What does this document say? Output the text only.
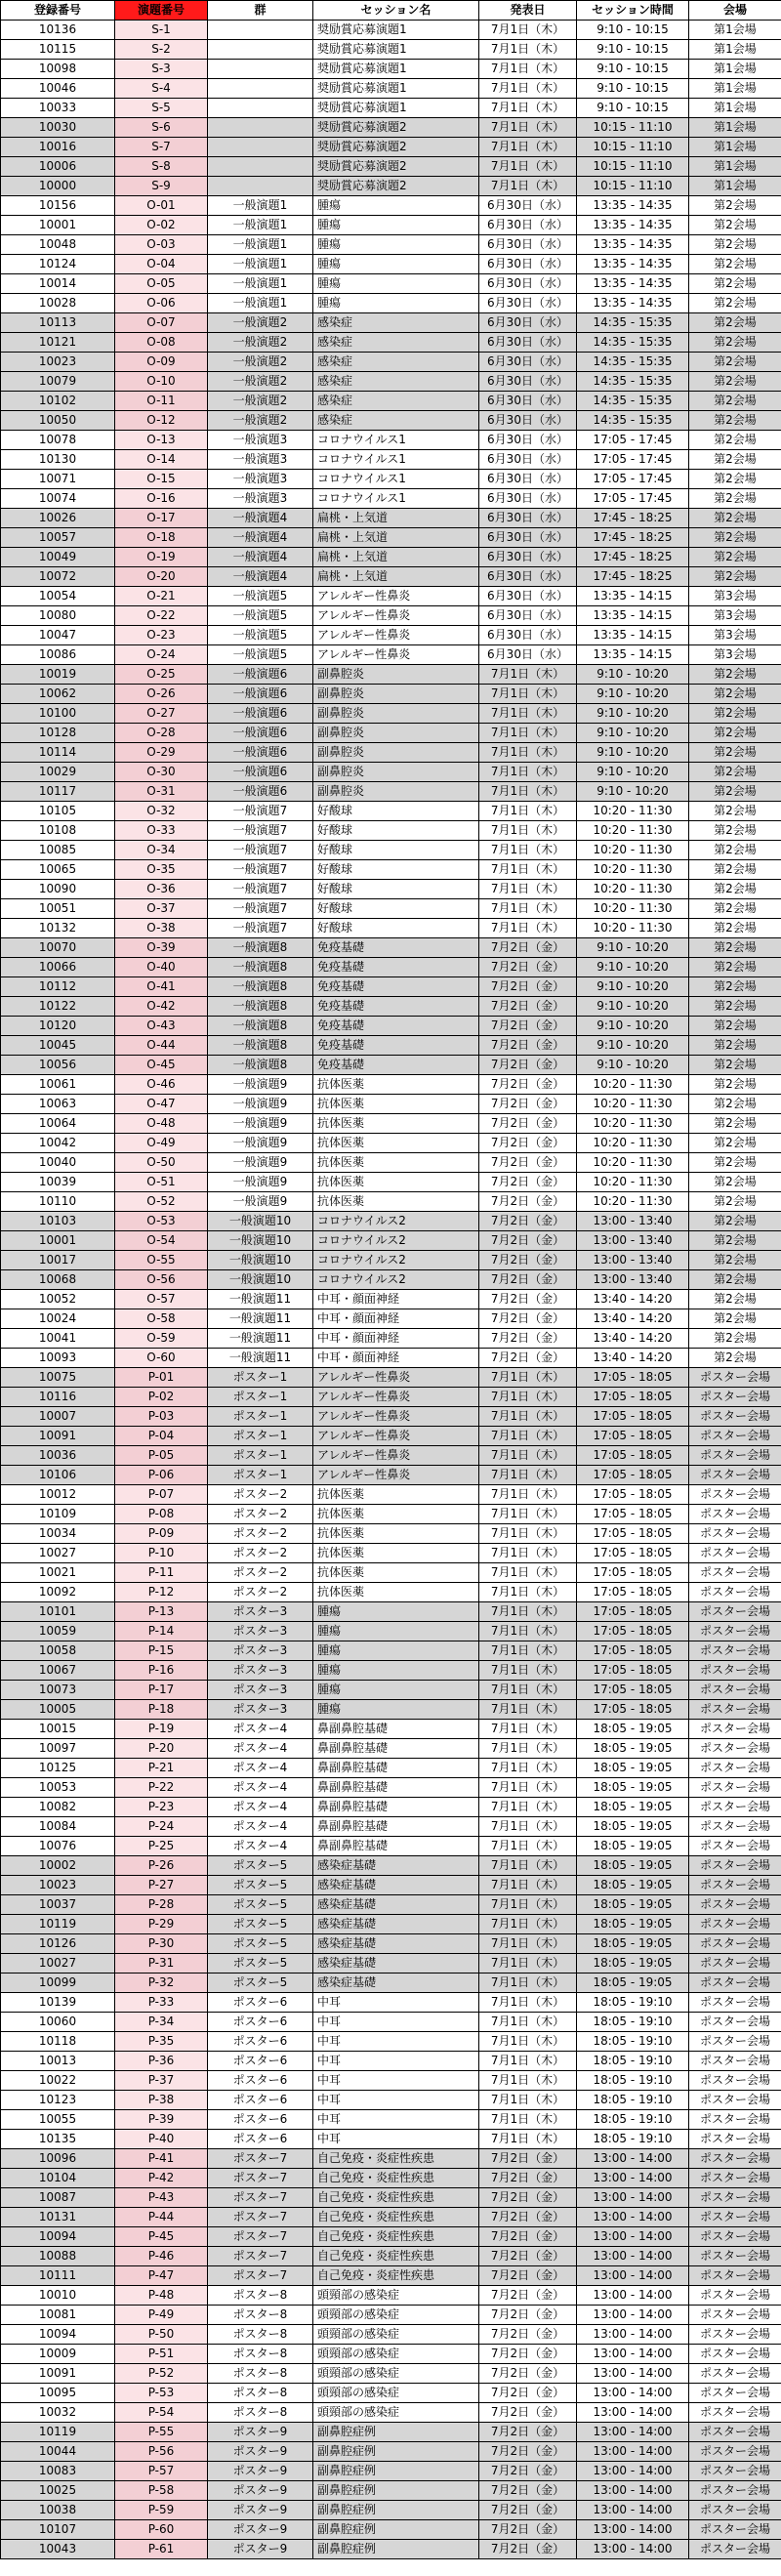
登録番号	演題番号	群	セッション名	発表日	セッション時間	会場
10136	S-1		奨励賞応募演題1	7月1日（木）	9:10 - 10:15	第1会場
10115	S-2		奨励賞応募演題1	7月1日（木）	9:10 - 10:15	第1会場
10098	S-3		奨励賞応募演題1	7月1日（木）	9:10 - 10:15	第1会場
10046	S-4		奨励賞応募演題1	7月1日（木）	9:10 - 10:15	第1会場
10033	S-5		奨励賞応募演題1	7月1日（木）	9:10 - 10:15	第1会場
10030	S-6		奨励賞応募演題2	7月1日（木）	10:15 - 11:10	第1会場
10016	S-7		奨励賞応募演題2	7月1日（木）	10:15 - 11:10	第1会場
10006	S-8		奨励賞応募演題2	7月1日（木）	10:15 - 11:10	第1会場
10000	S-9		奨励賞応募演題2	7月1日（木）	10:15 - 11:10	第1会場
10156	O-01	一般演題1	腫瘍	6月30日（水）	13:35 - 14:35	第2会場
10001	O-02	一般演題1	腫瘍	6月30日（水）	13:35 - 14:35	第2会場
10048	O-03	一般演題1	腫瘍	6月30日（水）	13:35 - 14:35	第2会場
10124	O-04	一般演題1	腫瘍	6月30日（水）	13:35 - 14:35	第2会場
10014	O-05	一般演題1	腫瘍	6月30日（水）	13:35 - 14:35	第2会場
10028	O-06	一般演題1	腫瘍	6月30日（水）	13:35 - 14:35	第2会場
10113	O-07	一般演題2	感染症	6月30日（水）	14:35 - 15:35	第2会場
10121	O-08	一般演題2	感染症	6月30日（水）	14:35 - 15:35	第2会場
10023	O-09	一般演題2	感染症	6月30日（水）	14:35 - 15:35	第2会場
10079	O-10	一般演題2	感染症	6月30日（水）	14:35 - 15:35	第2会場
10102	O-11	一般演題2	感染症	6月30日（水）	14:35 - 15:35	第2会場
10050	O-12	一般演題2	感染症	6月30日（水）	14:35 - 15:35	第2会場
10078	O-13	一般演題3	コロナウイルス1	6月30日（水）	17:05 - 17:45	第2会場
10130	O-14	一般演題3	コロナウイルス1	6月30日（水）	17:05 - 17:45	第2会場
10071	O-15	一般演題3	コロナウイルス1	6月30日（水）	17:05 - 17:45	第2会場
10074	O-16	一般演題3	コロナウイルス1	6月30日（水）	17:05 - 17:45	第2会場
10026	O-17	一般演題4	扁桃・上気道	6月30日（水）	17:45 - 18:25	第2会場
10057	O-18	一般演題4	扁桃・上気道	6月30日（水）	17:45 - 18:25	第2会場
10049	O-19	一般演題4	扁桃・上気道	6月30日（水）	17:45 - 18:25	第2会場
10072	O-20	一般演題4	扁桃・上気道	6月30日（水）	17:45 - 18:25	第2会場
10054	O-21	一般演題5	アレルギー性鼻炎	6月30日（水）	13:35 - 14:15	第3会場
10080	O-22	一般演題5	アレルギー性鼻炎	6月30日（水）	13:35 - 14:15	第3会場
10047	O-23	一般演題5	アレルギー性鼻炎	6月30日（水）	13:35 - 14:15	第3会場
10086	O-24	一般演題5	アレルギー性鼻炎	6月30日（水）	13:35 - 14:15	第3会場
10019	O-25	一般演題6	副鼻腔炎	7月1日（木）	9:10 - 10:20	第2会場
10062	O-26	一般演題6	副鼻腔炎	7月1日（木）	9:10 - 10:20	第2会場
10100	O-27	一般演題6	副鼻腔炎	7月1日（木）	9:10 - 10:20	第2会場
10128	O-28	一般演題6	副鼻腔炎	7月1日（木）	9:10 - 10:20	第2会場
10114	O-29	一般演題6	副鼻腔炎	7月1日（木）	9:10 - 10:20	第2会場
10029	O-30	一般演題6	副鼻腔炎	7月1日（木）	9:10 - 10:20	第2会場
10117	O-31	一般演題6	副鼻腔炎	7月1日（木）	9:10 - 10:20	第2会場
10105	O-32	一般演題7	好酸球	7月1日（木）	10:20 - 11:30	第2会場
10108	O-33	一般演題7	好酸球	7月1日（木）	10:20 - 11:30	第2会場
10085	O-34	一般演題7	好酸球	7月1日（木）	10:20 - 11:30	第2会場
10065	O-35	一般演題7	好酸球	7月1日（木）	10:20 - 11:30	第2会場
10090	O-36	一般演題7	好酸球	7月1日（木）	10:20 - 11:30	第2会場
10051	O-37	一般演題7	好酸球	7月1日（木）	10:20 - 11:30	第2会場
10132	O-38	一般演題7	好酸球	7月1日（木）	10:20 - 11:30	第2会場
10070	O-39	一般演題8	免疫基礎	7月2日（金）	9:10 - 10:20	第2会場
10066	O-40	一般演題8	免疫基礎	7月2日（金）	9:10 - 10:20	第2会場
10112	O-41	一般演題8	免疫基礎	7月2日（金）	9:10 - 10:20	第2会場
10122	O-42	一般演題8	免疫基礎	7月2日（金）	9:10 - 10:20	第2会場
10120	O-43	一般演題8	免疫基礎	7月2日（金）	9:10 - 10:20	第2会場
10045	O-44	一般演題8	免疫基礎	7月2日（金）	9:10 - 10:20	第2会場
10056	O-45	一般演題8	免疫基礎	7月2日（金）	9:10 - 10:20	第2会場
10061	O-46	一般演題9	抗体医薬	7月2日（金）	10:20 - 11:30	第2会場
10063	O-47	一般演題9	抗体医薬	7月2日（金）	10:20 - 11:30	第2会場
10064	O-48	一般演題9	抗体医薬	7月2日（金）	10:20 - 11:30	第2会場
10042	O-49	一般演題9	抗体医薬	7月2日（金）	10:20 - 11:30	第2会場
10040	O-50	一般演題9	抗体医薬	7月2日（金）	10:20 - 11:30	第2会場
10039	O-51	一般演題9	抗体医薬	7月2日（金）	10:20 - 11:30	第2会場
10110	O-52	一般演題9	抗体医薬	7月2日（金）	10:20 - 11:30	第2会場
10103	O-53	一般演題10	コロナウイルス2	7月2日（金）	13:00 - 13:40	第2会場
10001	O-54	一般演題10	コロナウイルス2	7月2日（金）	13:00 - 13:40	第2会場
10017	O-55	一般演題10	コロナウイルス2	7月2日（金）	13:00 - 13:40	第2会場
10068	O-56	一般演題10	コロナウイルス2	7月2日（金）	13:00 - 13:40	第2会場
10052	O-57	一般演題11	中耳・顔面神経	7月2日（金）	13:40 - 14:20	第2会場
10024	O-58	一般演題11	中耳・顔面神経	7月2日（金）	13:40 - 14:20	第2会場
10041	O-59	一般演題11	中耳・顔面神経	7月2日（金）	13:40 - 14:20	第2会場
10093	O-60	一般演題11	中耳・顔面神経	7月2日（金）	13:40 - 14:20	第2会場
10075	P-01	ポスター1	アレルギー性鼻炎	7月1日（木）	17:05 - 18:05	ポスター会場
10116	P-02	ポスター1	アレルギー性鼻炎	7月1日（木）	17:05 - 18:05	ポスター会場
10007	P-03	ポスター1	アレルギー性鼻炎	7月1日（木）	17:05 - 18:05	ポスター会場
10091	P-04	ポスター1	アレルギー性鼻炎	7月1日（木）	17:05 - 18:05	ポスター会場
10036	P-05	ポスター1	アレルギー性鼻炎	7月1日（木）	17:05 - 18:05	ポスター会場
10106	P-06	ポスター1	アレルギー性鼻炎	7月1日（木）	17:05 - 18:05	ポスター会場
10012	P-07	ポスター2	抗体医薬	7月1日（木）	17:05 - 18:05	ポスター会場
10109	P-08	ポスター2	抗体医薬	7月1日（木）	17:05 - 18:05	ポスター会場
10034	P-09	ポスター2	抗体医薬	7月1日（木）	17:05 - 18:05	ポスター会場
10027	P-10	ポスター2	抗体医薬	7月1日（木）	17:05 - 18:05	ポスター会場
10021	P-11	ポスター2	抗体医薬	7月1日（木）	17:05 - 18:05	ポスター会場
10092	P-12	ポスター2	抗体医薬	7月1日（木）	17:05 - 18:05	ポスター会場
10101	P-13	ポスター3	腫瘍	7月1日（木）	17:05 - 18:05	ポスター会場
10059	P-14	ポスター3	腫瘍	7月1日（木）	17:05 - 18:05	ポスター会場
10058	P-15	ポスター3	腫瘍	7月1日（木）	17:05 - 18:05	ポスター会場
10067	P-16	ポスター3	腫瘍	7月1日（木）	17:05 - 18:05	ポスター会場
10073	P-17	ポスター3	腫瘍	7月1日（木）	17:05 - 18:05	ポスター会場
10005	P-18	ポスター3	腫瘍	7月1日（木）	17:05 - 18:05	ポスター会場
10015	P-19	ポスター4	鼻副鼻腔基礎	7月1日（木）	18:05 - 19:05	ポスター会場
10097	P-20	ポスター4	鼻副鼻腔基礎	7月1日（木）	18:05 - 19:05	ポスター会場
10125	P-21	ポスター4	鼻副鼻腔基礎	7月1日（木）	18:05 - 19:05	ポスター会場
10053	P-22	ポスター4	鼻副鼻腔基礎	7月1日（木）	18:05 - 19:05	ポスター会場
10082	P-23	ポスター4	鼻副鼻腔基礎	7月1日（木）	18:05 - 19:05	ポスター会場
10084	P-24	ポスター4	鼻副鼻腔基礎	7月1日（木）	18:05 - 19:05	ポスター会場
10076	P-25	ポスター4	鼻副鼻腔基礎	7月1日（木）	18:05 - 19:05	ポスター会場
10002	P-26	ポスター5	感染症基礎	7月1日（木）	18:05 - 19:05	ポスター会場
10023	P-27	ポスター5	感染症基礎	7月1日（木）	18:05 - 19:05	ポスター会場
10037	P-28	ポスター5	感染症基礎	7月1日（木）	18:05 - 19:05	ポスター会場
10119	P-29	ポスター5	感染症基礎	7月1日（木）	18:05 - 19:05	ポスター会場
10126	P-30	ポスター5	感染症基礎	7月1日（木）	18:05 - 19:05	ポスター会場
10027	P-31	ポスター5	感染症基礎	7月1日（木）	18:05 - 19:05	ポスター会場
10099	P-32	ポスター5	感染症基礎	7月1日（木）	18:05 - 19:05	ポスター会場
10139	P-33	ポスター6	中耳	7月1日（木）	18:05 - 19:10	ポスター会場
10060	P-34	ポスター6	中耳	7月1日（木）	18:05 - 19:10	ポスター会場
10118	P-35	ポスター6	中耳	7月1日（木）	18:05 - 19:10	ポスター会場
10013	P-36	ポスター6	中耳	7月1日（木）	18:05 - 19:10	ポスター会場
10022	P-37	ポスター6	中耳	7月1日（木）	18:05 - 19:10	ポスター会場
10123	P-38	ポスター6	中耳	7月1日（木）	18:05 - 19:10	ポスター会場
10055	P-39	ポスター6	中耳	7月1日（木）	18:05 - 19:10	ポスター会場
10135	P-40	ポスター6	中耳	7月1日（木）	18:05 - 19:10	ポスター会場
10096	P-41	ポスター7	自己免疫・炎症性疾患	7月2日（金）	13:00 - 14:00	ポスター会場
10104	P-42	ポスター7	自己免疫・炎症性疾患	7月2日（金）	13:00 - 14:00	ポスター会場
10087	P-43	ポスター7	自己免疫・炎症性疾患	7月2日（金）	13:00 - 14:00	ポスター会場
10131	P-44	ポスター7	自己免疫・炎症性疾患	7月2日（金）	13:00 - 14:00	ポスター会場
10094	P-45	ポスター7	自己免疫・炎症性疾患	7月2日（金）	13:00 - 14:00	ポスター会場
10088	P-46	ポスター7	自己免疫・炎症性疾患	7月2日（金）	13:00 - 14:00	ポスター会場
10111	P-47	ポスター7	自己免疫・炎症性疾患	7月2日（金）	13:00 - 14:00	ポスター会場
10010	P-48	ポスター8	頭頸部の感染症	7月2日（金）	13:00 - 14:00	ポスター会場
10081	P-49	ポスター8	頭頸部の感染症	7月2日（金）	13:00 - 14:00	ポスター会場
10094	P-50	ポスター8	頭頸部の感染症	7月2日（金）	13:00 - 14:00	ポスター会場
10009	P-51	ポスター8	頭頸部の感染症	7月2日（金）	13:00 - 14:00	ポスター会場
10091	P-52	ポスター8	頭頸部の感染症	7月2日（金）	13:00 - 14:00	ポスター会場
10095	P-53	ポスター8	頭頸部の感染症	7月2日（金）	13:00 - 14:00	ポスター会場
10032	P-54	ポスター8	頭頸部の感染症	7月2日（金）	13:00 - 14:00	ポスター会場
10119	P-55	ポスター9	副鼻腔症例	7月2日（金）	13:00 - 14:00	ポスター会場
10044	P-56	ポスター9	副鼻腔症例	7月2日（金）	13:00 - 14:00	ポスター会場
10083	P-57	ポスター9	副鼻腔症例	7月2日（金）	13:00 - 14:00	ポスター会場
10025	P-58	ポスター9	副鼻腔症例	7月2日（金）	13:00 - 14:00	ポスター会場
10038	P-59	ポスター9	副鼻腔症例	7月2日（金）	13:00 - 14:00	ポスター会場
10107	P-60	ポスター9	副鼻腔症例	7月2日（金）	13:00 - 14:00	ポスター会場
10043	P-61	ポスター9	副鼻腔症例	7月2日（金）	13:00 - 14:00	ポスター会場
